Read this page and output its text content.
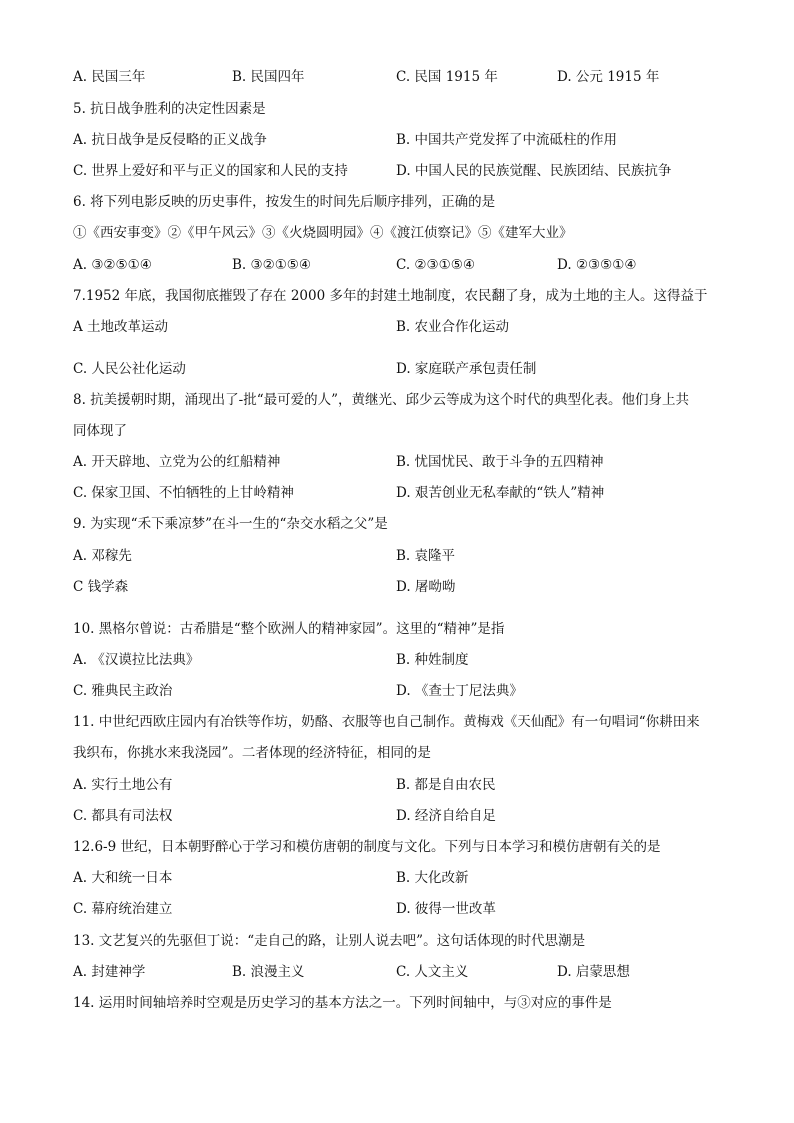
A. 民国三年	B. 民国四年	C. 民国 1915 年	D. 公元 1915 年
5. 抗日战争胜利的决定性因素是
A. 抗日战争是反侵略的正义战争	B. 中国共产党发挥了中流砥柱的作用
C. 世界上爱好和平与正义的国家和人民的支持	D. 中国人民的民族觉醒、民族团结、民族抗争
6. 将下列电影反映的历史事件，按发生的时间先后顺序排列，正确的是
①《西安事变》②《甲午风云》③《火烧圆明园》④《渡江侦察记》⑤《建军大业》
A. ③②⑤①④	B. ③②①⑤④	C. ②③①⑤④	D. ②③⑤①④
7.1952 年底，我国彻底摧毁了存在 2000 多年的封建土地制度，农民翻了身，成为土地的主人。这得益于
A 土地改革运动	B. 农业合作化运动
C. 人民公社化运动	D. 家庭联产承包责任制
8. 抗美援朝时期，涌现出了-批“最可爱的人”，黄继光、邱少云等成为这个时代的典型化表。他们身上共
同体现了
A. 开天辟地、立党为公的红船精神	B. 忧国忧民、敢于斗争的五四精神
C. 保家卫国、不怕牺牲的上甘岭精神	D. 艰苦创业无私奉献的“铁人”精神
9. 为实现“禾下乘凉梦”在斗一生的“杂交水稻之父”是
A. 邓稼先	B. 袁隆平
C 钱学森	D. 屠呦呦
10. 黑格尔曾说：古希腊是“整个欧洲人的精神家园”。这里的“精神”是指
A. 《汉谟拉比法典》	B. 种姓制度
C. 雅典民主政治	D. 《查士丁尼法典》
11. 中世纪西欧庄园内有冶铁等作坊，奶酪、衣服等也自己制作。黄梅戏《天仙配》有一句唱词“你耕田来
我织布，你挑水来我浇园”。二者体现的经济特征，相同的是
A. 实行土地公有	B. 都是自由农民
C. 都具有司法权	D. 经济自给自足
12.6-9 世纪，日本朝野醉心于学习和模仿唐朝的制度与文化。下列与日本学习和模仿唐朝有关的是
A. 大和统一日本	B. 大化改新
C. 幕府统治建立	D. 彼得一世改革
13. 文艺复兴的先驱但丁说：“走自己的路，让别人说去吧”。这句话体现的时代思潮是
A. 封建神学	B. 浪漫主义	C. 人文主义	D. 启蒙思想
14. 运用时间轴培养时空观是历史学习的基本方法之一。下列时间轴中，与③对应的事件是
